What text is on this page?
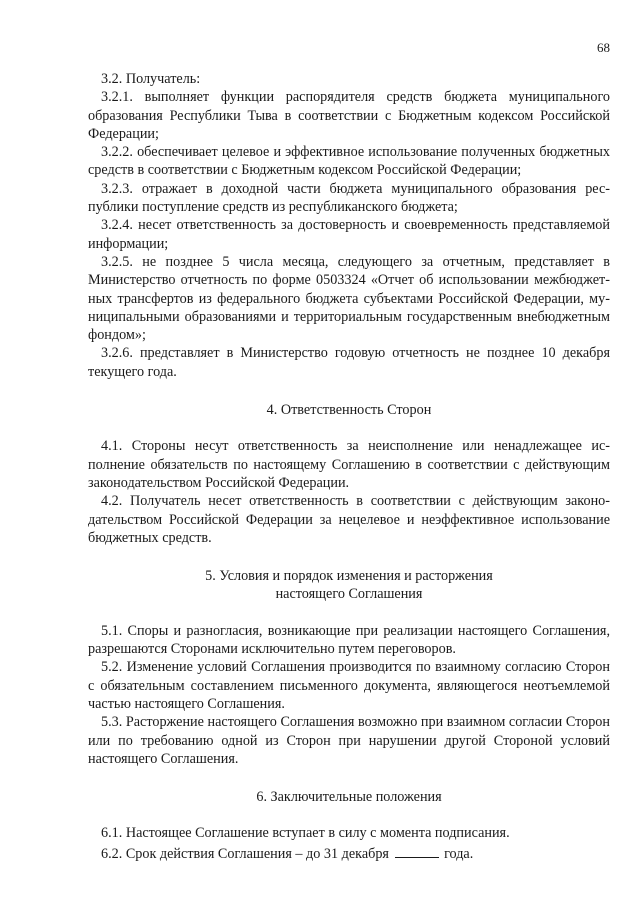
68

3.2. Получатель:

3.2.1. выполняет функции распорядителя средств бюджета муниципального образования Республики Тыва в соответствии с Бюджетным кодексом Российской Федерации;

3.2.2. обеспечивает целевое и эффективное использование полученных бюджетных средств в соответствии с Бюджетным кодексом Российской Федерации;

3.2.3. отражает в доходной части бюджета муниципального образования республики поступление средств из республиканского бюджета;

3.2.4. несет ответственность за достоверность и своевременность представляемой информации;

3.2.5. не позднее 5 числа месяца, следующего за отчетным, представляет в Министерство отчетность по форме 0503324 «Отчет об использовании межбюджетных трансфертов из федерального бюджета субъектами Российской Федерации, муниципальными образованиями и территориальным государственным внебюджетным фондом»;

3.2.6. представляет в Министерство годовую отчетность не позднее 10 декабря текущего года.

4. Ответственность Сторон

4.1. Стороны несут ответственность за неисполнение или ненадлежащее исполнение обязательств по настоящему Соглашению в соответствии с действующим законодательством Российской Федерации.

4.2. Получатель несет ответственность в соответствии с действующим законодательством Российской Федерации за нецелевое и неэффективное использование бюджетных средств.

5. Условия и порядок изменения и расторжения
настоящего Соглашения

5.1. Споры и разногласия, возникающие при реализации настоящего Соглашения, разрешаются Сторонами исключительно путем переговоров.

5.2. Изменение условий Соглашения производится по взаимному согласию Сторон с обязательным составлением письменного документа, являющегося неотъемлемой частью настоящего Соглашения.

5.3. Расторжение настоящего Соглашения возможно при взаимном согласии Сторон или по требованию одной из Сторон при нарушении другой Стороной условий настоящего Соглашения.

6. Заключительные положения

6.1. Настоящее Соглашение вступает в силу с момента подписания.

6.2. Срок действия Соглашения – до 31 декабря	года.
